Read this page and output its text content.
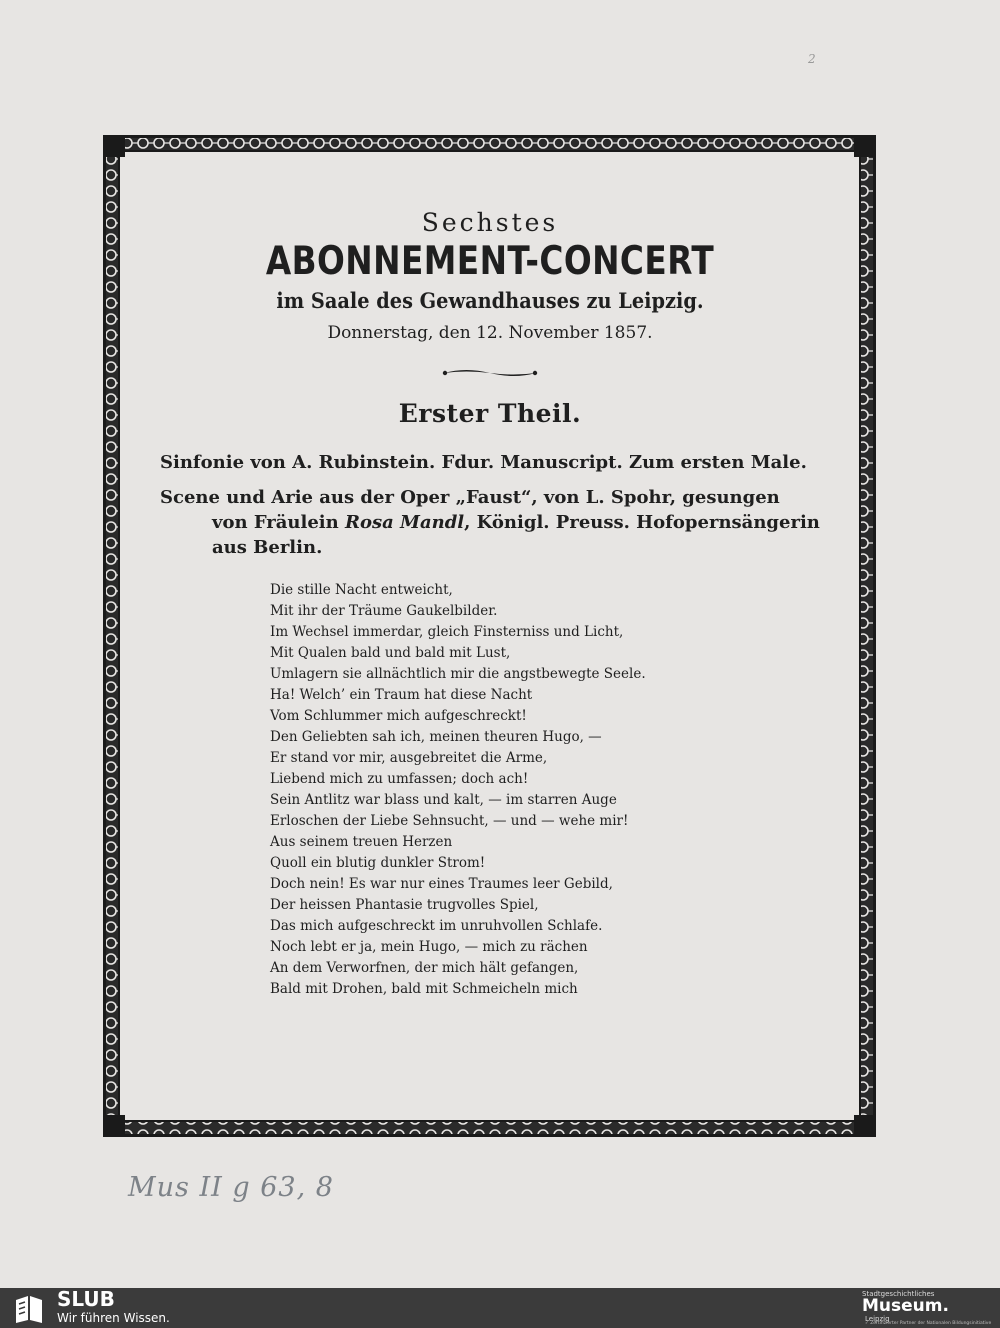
2
Sechstes
ABONNEMENT-CONCERT
im Saale des Gewandhauses zu Leipzig.
Donnerstag, den 12. November 1857.
Erster Theil.
Sinfonie von A. Rubinstein. Fdur. Manuscript. Zum ersten Male.
Scene und Arie aus der Oper „Faust“, von L. Spohr, gesungen von Fräulein Rosa Mandl, Königl. Preuss. Hofopernsängerin aus Berlin.
Die stille Nacht entweicht,
Mit ihr der Träume Gaukelbilder.
Im Wechsel immerdar, gleich Finsterniss und Licht,
Mit Qualen bald und bald mit Lust,
Umlagern sie allnächtlich mir die angstbewegte Seele.
Ha! Welch’ ein Traum hat diese Nacht
Vom Schlummer mich aufgeschreckt!
Den Geliebten sah ich, meinen theuren Hugo, —
Er stand vor mir, ausgebreitet die Arme,
Liebend mich zu umfassen; doch ach!
Sein Antlitz war blass und kalt, — im starren Auge
Erloschen der Liebe Sehnsucht, — und — wehe mir!
Aus seinem treuen Herzen
Quoll ein blutig dunkler Strom!
Doch nein! Es war nur eines Traumes leer Gebild,
Der heissen Phantasie trugvolles Spiel,
Das mich aufgeschreckt im unruhvollen Schlafe.
Noch lebt er ja, mein Hugo, — mich zu rächen
An dem Verworfnen, der mich hält gefangen,
Bald mit Drohen, bald mit Schmeicheln mich
Mus II g 63, 8
SLUB
Wir führen Wissen.
Stadtgeschichtliches
Museum.
Leipzig
✓ Zertifizierter Partner der Nationalen Bildungsinitiative
